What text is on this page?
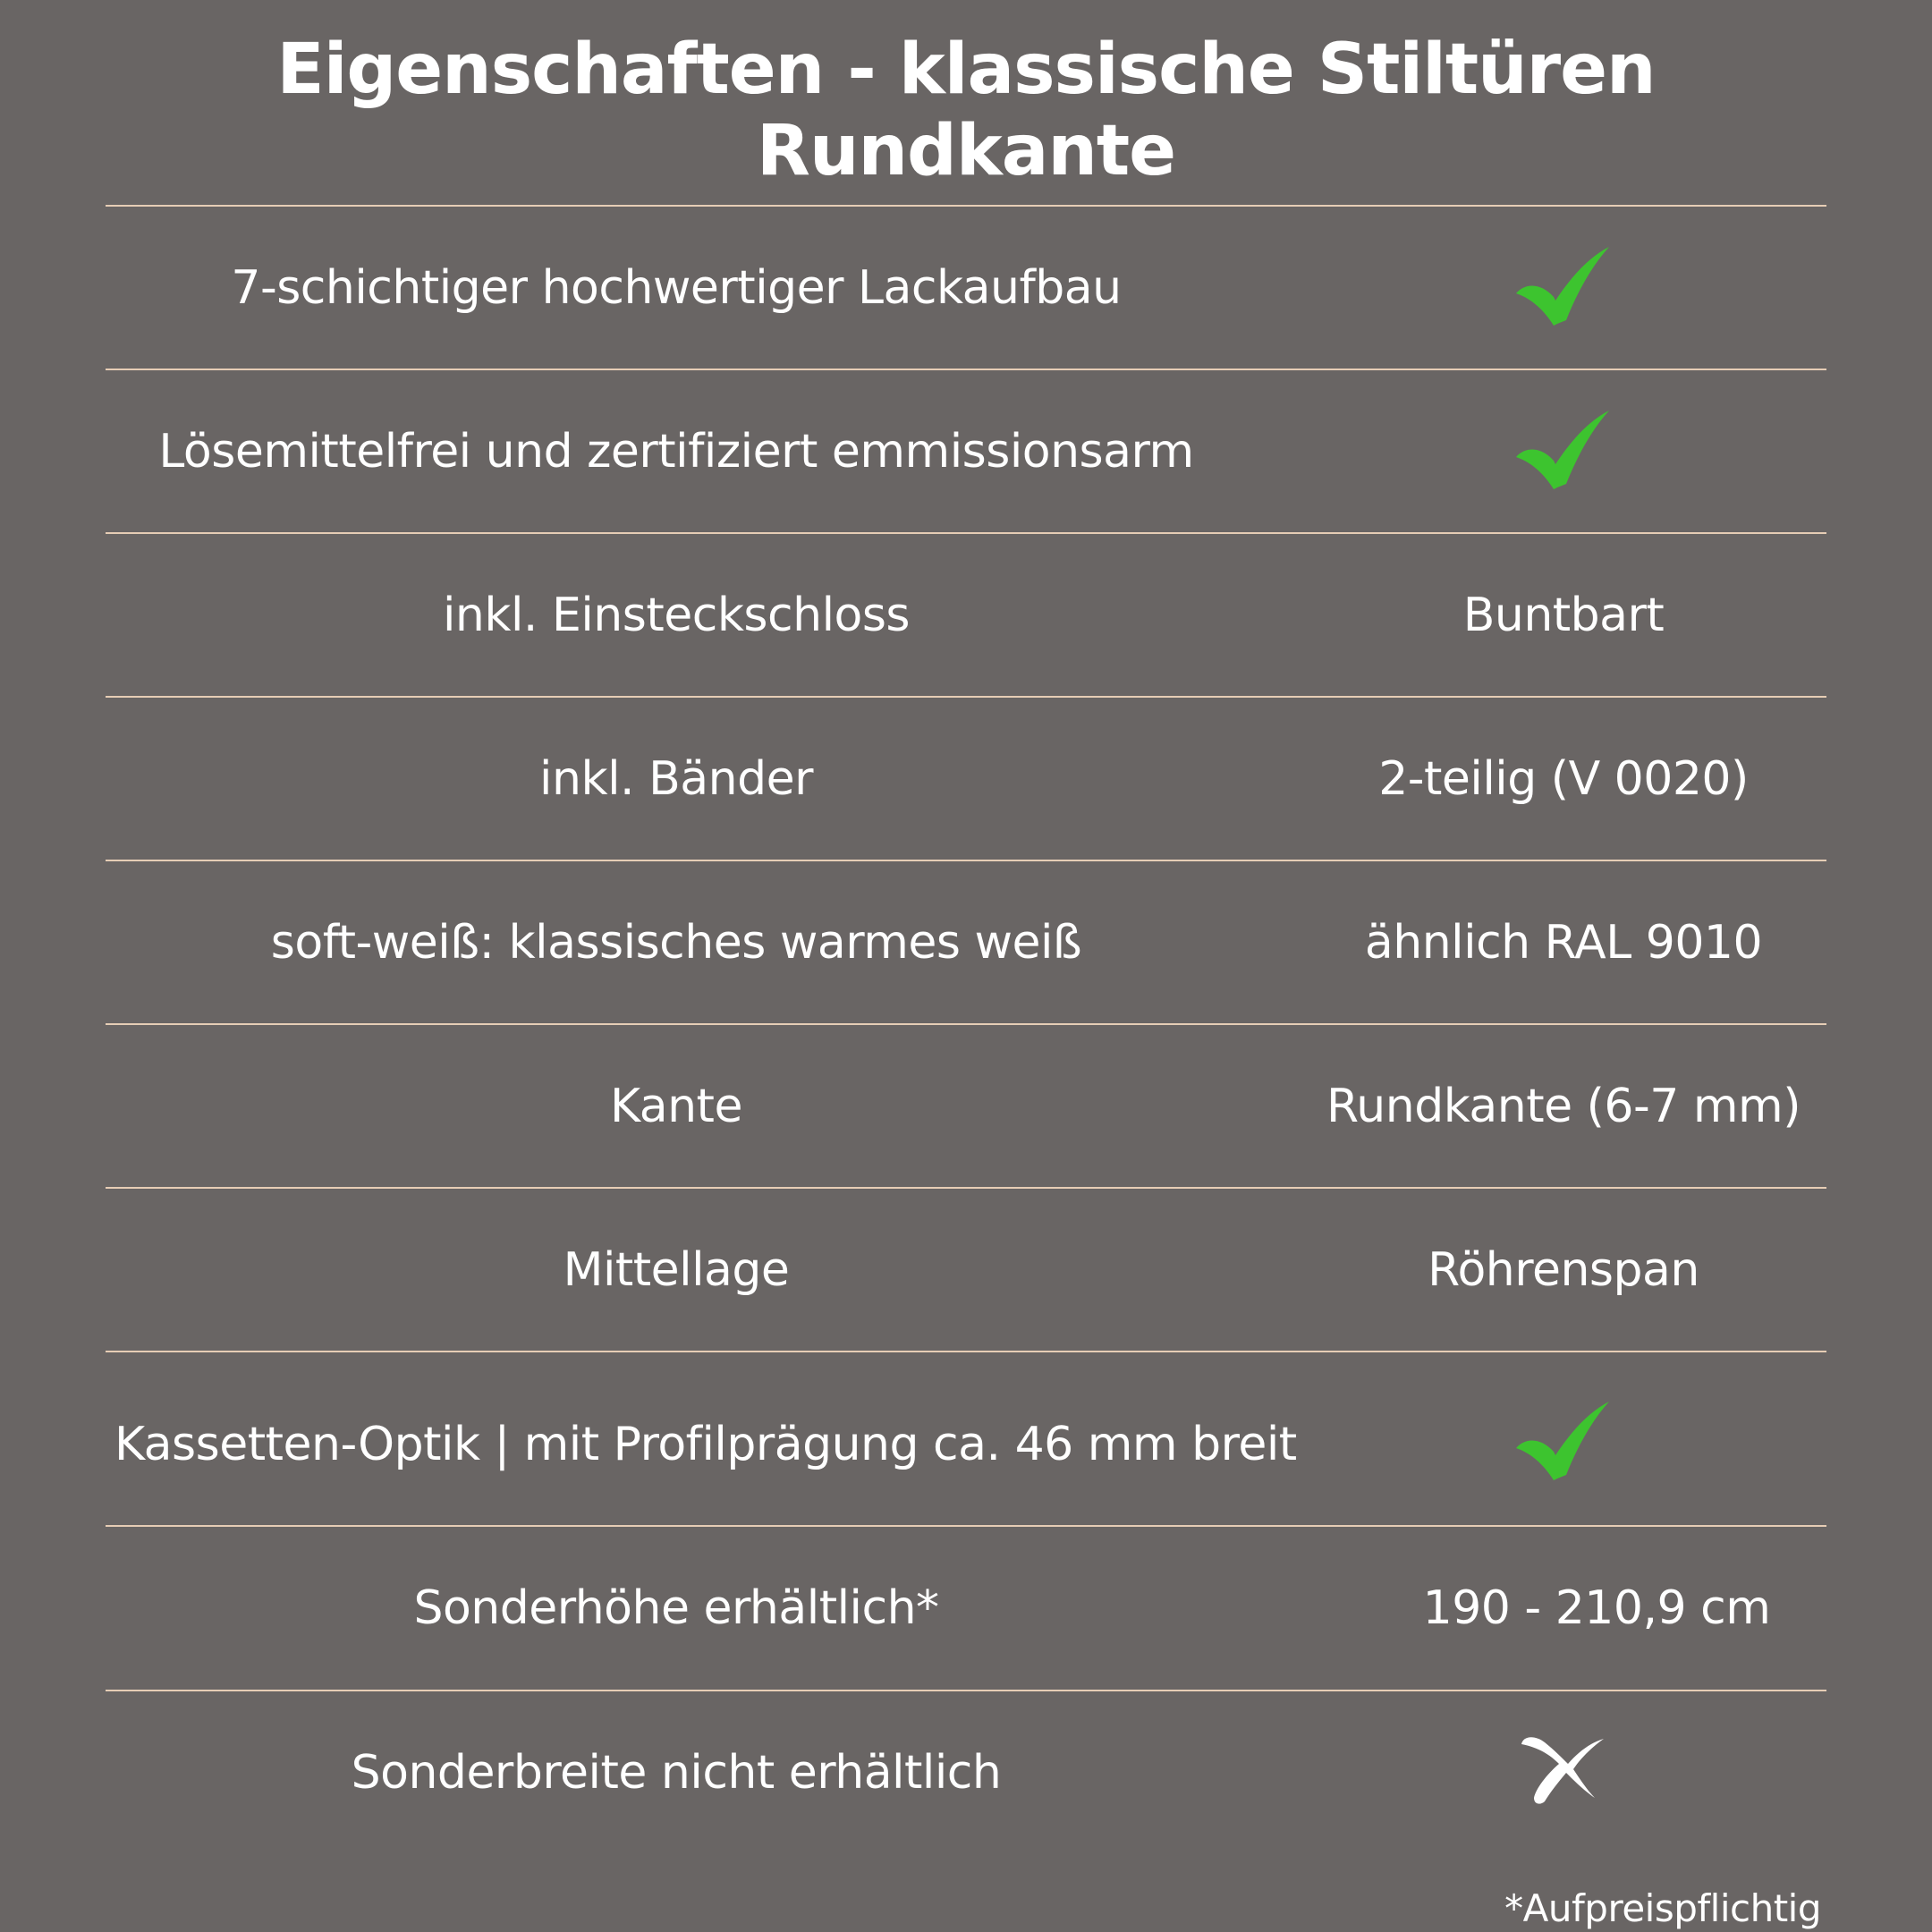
Eigenschaften - klassische Stiltüren
Rundkante
7-schichtiger hochwertiger Lackaufbau
Lösemittelfrei und zertifiziert emmissionsarm
inkl. Einsteckschloss	Buntbart
inkl. Bänder	2-teilig (V 0020)
soft-weiß: klassisches warmes weiß	ähnlich RAL 9010
Kante	Rundkante (6-7 mm)
Mittellage	Röhrenspan
Kassetten-Optik | mit Profilprägung ca. 46 mm breit
Sonderhöhe erhältlich*	190 - 210,9 cm
Sonderbreite nicht erhältlich
*Aufpreispflichtig
